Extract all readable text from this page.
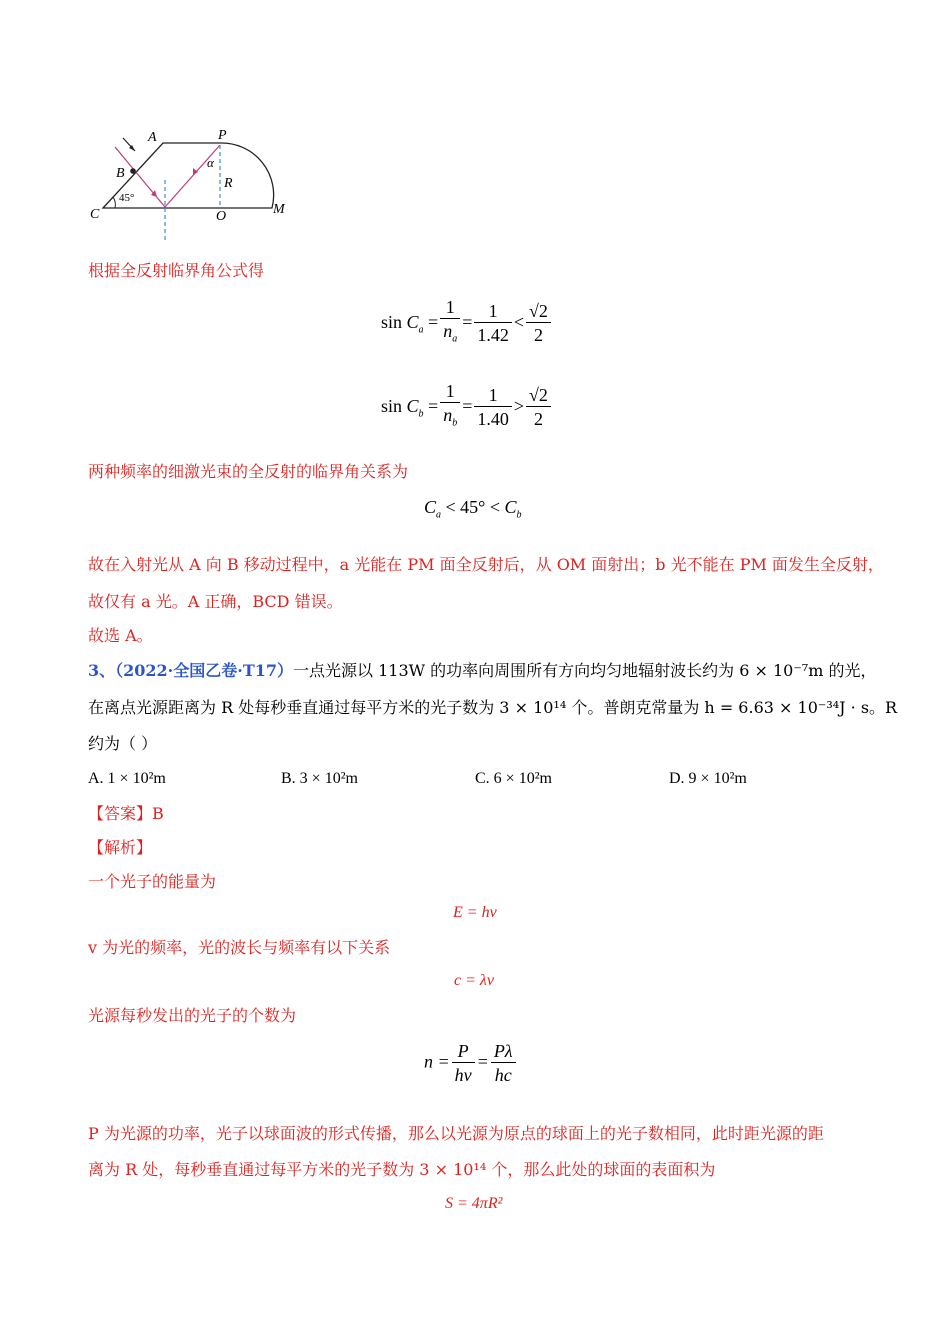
A	P
B
α
R
45°
C	O	M
根据全反射临界角公式得
$\sin C_a = \frac{1}{n_a} = \frac{1}{1.42} < \frac{√2}{2}$
$\sin C_b = \frac{1}{n_b} = \frac{1}{1.40} > \frac{√2}{2}$
两种频率的细激光束的全反射的临界角关系为
$C_a < 45^\circ < C_b$
故在入射光从 A 向 B 移动过程中，a 光能在 PM 面全反射后，从 OM 面射出；b 光不能在 PM 面发生全反射，
故仅有 a 光。A 正确，BCD 错误。
故选 A。
3、（2022·全国乙卷·T17）一点光源以 113W 的功率向周围所有方向均匀地辐射波长约为 6 × 10⁻⁷m 的光，
在离点光源距离为 R 处每秒垂直通过每平方米的光子数为 3 × 10¹⁴ 个。普朗克常量为 h = 6.63 × 10⁻³⁴J · s。R
约为（ ）
A. 1 × 10²m	B. 3 × 10²m	C. 6 × 10²m	D. 9 × 10²m
【答案】B
【解析】
一个光子的能量为
E = hv
v 为光的频率，光的波长与频率有以下关系
c = λv
光源每秒发出的光子的个数为
$n = \frac{P}{hv} = \frac{P\lambda}{hc}$
P 为光源的功率，光子以球面波的形式传播，那么以光源为原点的球面上的光子数相同，此时距光源的距
离为 R 处，每秒垂直通过每平方米的光子数为 3 × 10¹⁴ 个，那么此处的球面的表面积为
S = 4πR²
